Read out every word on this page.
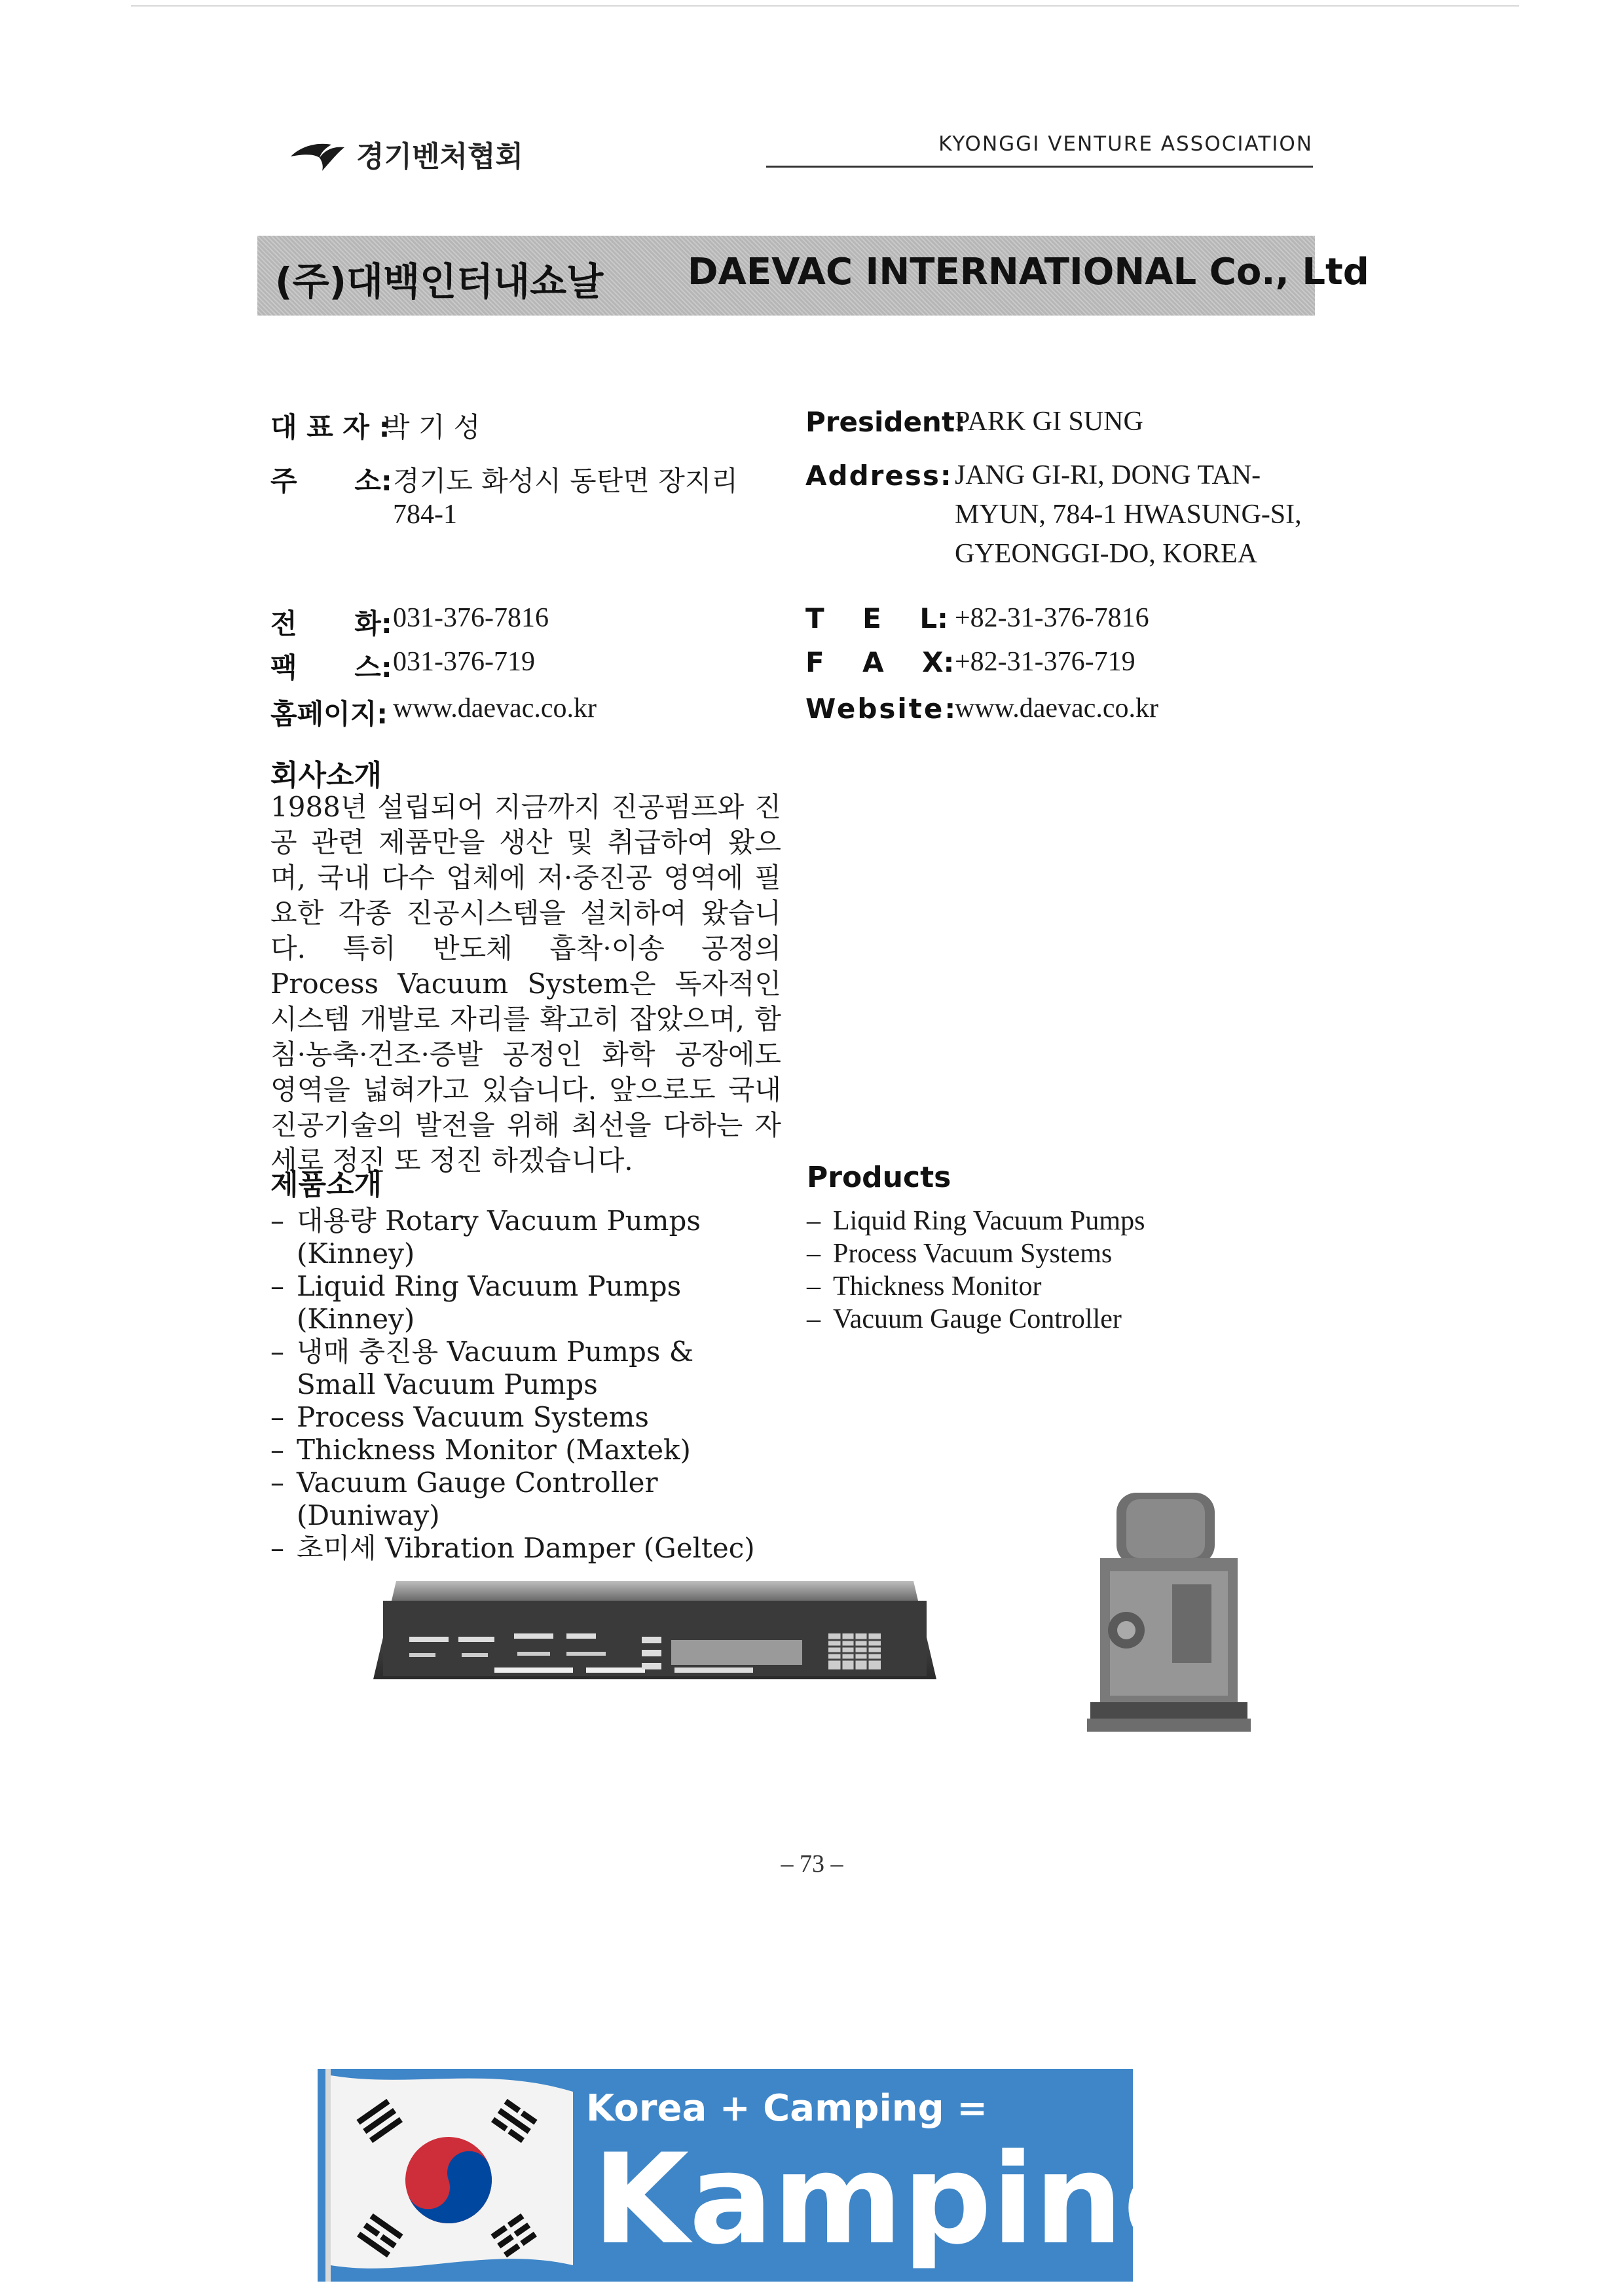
경기벤처협회	KYONGGI VENTURE ASSOCIATION
(주)대백인터내쇼날 DAEVAC INTERNATIONAL Co., Ltd
대 표 자 :
박 기 성
주      소: 경기도 화성시 동탄면 장지리
784-1
전      화: 031-376-7816
팩      스: 031-376-719
홈페이지: www.daevac.co.kr
회사소개
1988년 설립되어 지금까지 진공펌프와 진공 관련 제품만을 생산 및 취급하여 왔으며, 국내 다수 업체에 저·중진공 영역에 필요한 각종 진공시스템을 설치하여 왔습니다. 특히 반도체 흡착·이송 공정의 Process Vacuum System은 독자적인 시스템 개발로 자리를 확고히 잡았으며, 함침·농축·건조·증발 공정인 화학 공장에도 영역을 넓혀가고 있습니다. 앞으로도 국내 진공기술의 발전을 위해 최선을 다하는 자세로 정진 또 정진 하겠습니다.
제품소개
– 대용량 Rotary Vacuum Pumps (Kinney)
– Liquid Ring Vacuum Pumps (Kinney)
– 냉매 충진용 Vacuum Pumps & Small Vacuum Pumps
– Process Vacuum Systems
– Thickness Monitor (Maxtek)
– Vacuum Gauge Controller (Duniway)
– 초미세 Vibration Damper (Geltec)
President:
PARK GI SUNG
Address: JANG GI-RI, DONG TAN-
MYUN, 784-1 HWASUNG-SI,
GYEONGGI-DO, KOREA
T    E    L: +82-31-376-7816
F    A    X: +82-31-376-719
Website:
www.daevac.co.kr
Products
– Liquid Ring Vacuum Pumps
– Process Vacuum Systems
– Thickness Monitor
– Vacuum Gauge Controller
– 73 –
Korea + Camping =
Kamping.co.kr
